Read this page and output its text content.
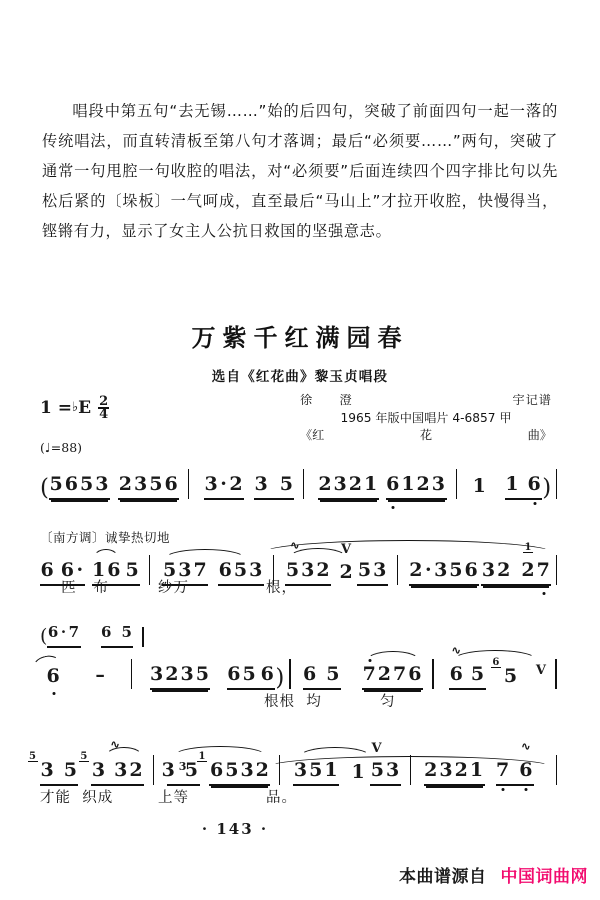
唱段中第五句“去无锡……”始的后四句，突破了前面四句一起一落的传统唱法，而直转清板至第八句才落调；最后“必须要……”两句，突破了通常一句甩腔一句收腔的唱法，对“必须要”后面连续四个四字排比句以先松后紧的〔垛板〕一气呵成，直至最后“马山上”才拉开收腔，快慢得当，铿锵有力，显示了女主人公抗日救国的坚强意志。

万紫千红满园春
选自《红花曲》黎玉贞唱段
徐　　澄	宇记谱
1965 年版中国唱片 4-6857 甲
《红	花	曲》
1 = ♭ E $\frac{2}{4}$
(♩=88)
( 5 6 5 3 2 3 5 6 3 · 2 3 5 2 3 2 1 6 1 2 3 1 1 6 )
〔南方调〕诚挚热切地
6 6 · 1 6 5 5 3 7 6 5 3
∿
5 3 2
V
2 5 3 2 · 3 5 6 3 2
1
2 7
一 匹   布	纱万	根，
( 6 · 7 6 5
6 – 3 2 3 5 6 5 6 ) 6 5 7 2 7 6
∿
6 5
6
5 V
根根  均	匀
5
3 5
5
3
∿
3 2	3
3 5
1
6 5 3 2 3 5 1
V
1 5 3 2 3 2 1 7
∿
6
才能  织成	上等	品。
· 143 ·
本曲谱源自 中国词曲网
